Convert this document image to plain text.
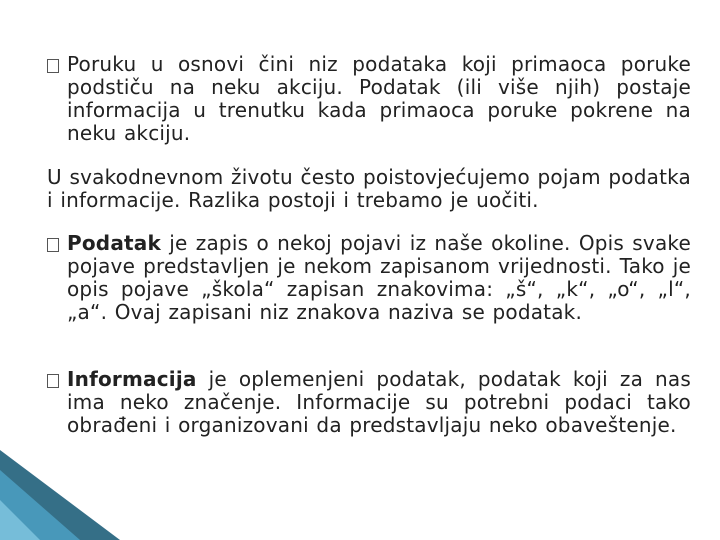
Poruku u osnovi čini niz podataka koji primaoca poruke podstiču na neku akciju. Podatak (ili više njih) postaje informacija u trenutku kada primaoca poruke pokrene na neku akciju.
U svakodnevnom životu često poistovjećujemo pojam podatka i informacije. Razlika postoji i trebamo je uočiti.
Podatak je zapis o nekoj pojavi iz naše okoline. Opis svake pojave predstavljen je nekom zapisanom vrijednosti. Tako je opis pojave „škola“ zapisan znakovima: „š“, „k“, „o“, „l“, „a“. Ovaj zapisani niz znakova naziva se podatak.
Informacija je oplemenjeni podatak, podatak koji za nas ima neko značenje. Informacije su potrebni podaci tako obrađeni i organizovani da predstavljaju neko obaveštenje.
